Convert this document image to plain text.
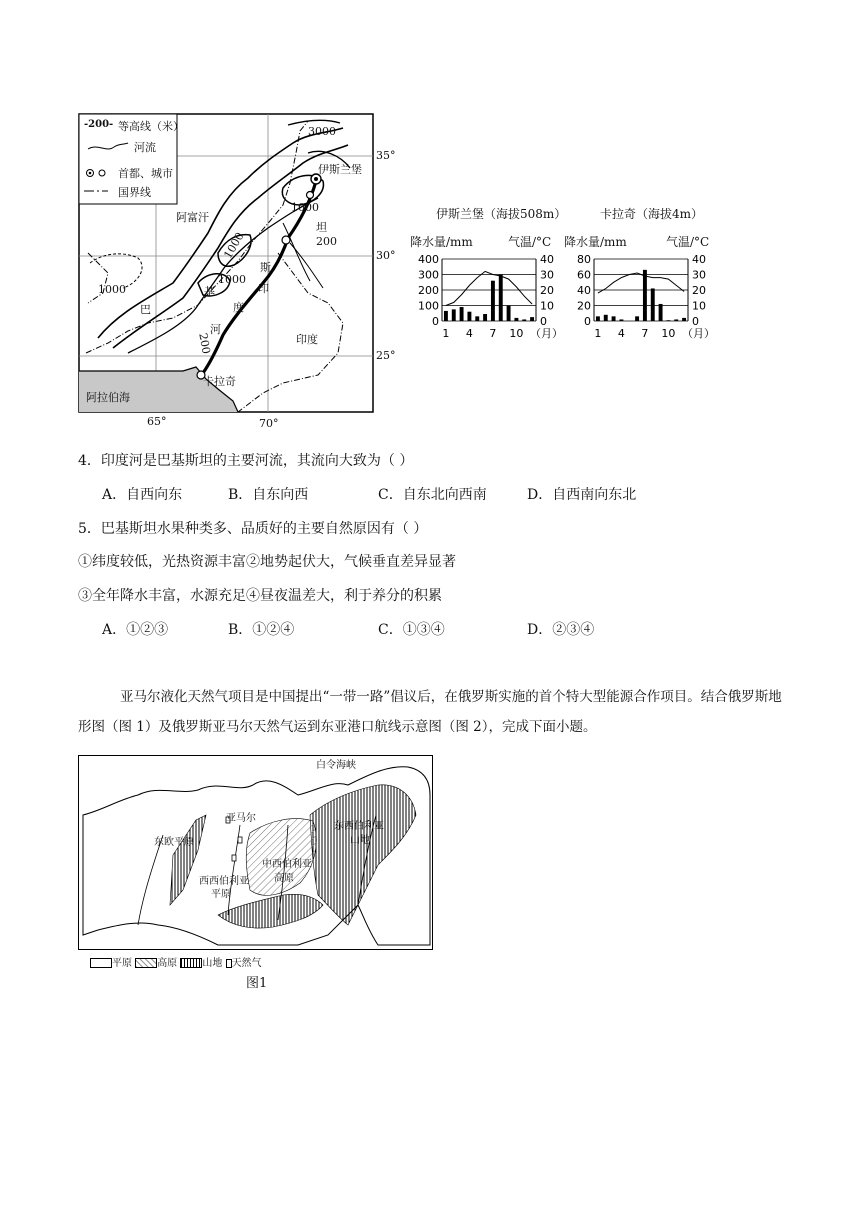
-200- 等高线（米）
河流
首都、城市
国界线
3000
伊斯兰堡
1000
阿富汗
坦
200
1000
斯
印
1000
1000	基
巴	度
河
印度
200
卡拉奇
阿拉伯海
35°
30°
25°
65°	70°
伊斯兰堡（海拔508m）
降水量/mm	气温/°C
400	40
300	30
200	20
100	10
0	0
1 4 7 10 （月）
卡拉奇（海拔4m）
降水量/mm	气温/°C
80	40
60	30
40	20
20	10
0	0
1 4 7 10 （月）
4．印度河是巴基斯坦的主要河流，其流向大致为（ ）
A．自西向东	B．自东向西	C．自东北向西南	D．自西南向东北
5．巴基斯坦水果种类多、品质好的主要自然原因有（ ）
①纬度较低，光热资源丰富②地势起伏大，气候垂直差异显著
③全年降水丰富，水源充足④昼夜温差大，利于养分的积累
A．①②③	B．①②④	C．①③④	D．②③④
亚马尔液化天然气项目是中国提出“一带一路”倡议后，在俄罗斯实施的首个特大型能源合作项目。结合俄罗斯地形图（图 1）及俄罗斯亚马尔天然气运到东亚港口航线示意图（图 2），完成下面小题。
白令海峡
亚马尔
东欧平原
东西伯利亚
山地
中西伯利亚
高原
西西伯利亚
平原
平原	高原	山地 天然气
图1
